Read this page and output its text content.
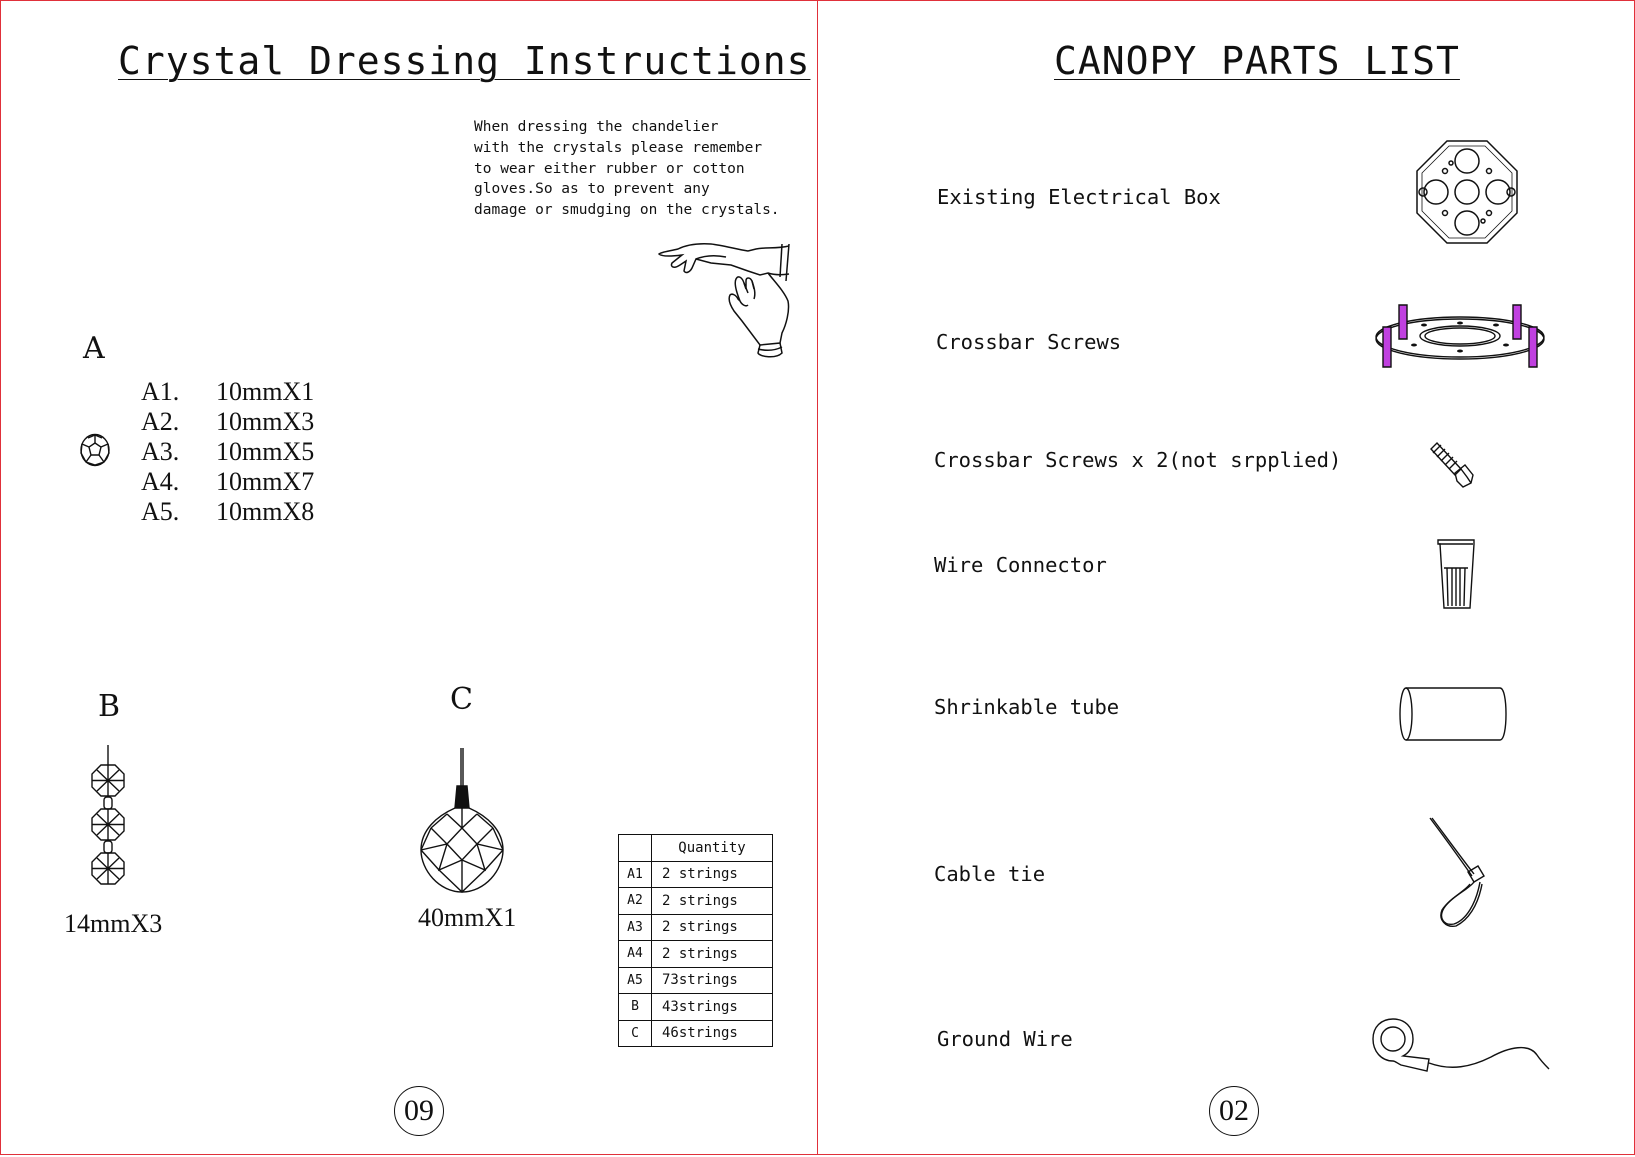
Crystal Dressing Instructions
When dressing the chandelier
with the crystals please remember
to wear either rubber or cotton
gloves.So as to prevent any
damage or smudging on the crystals.
A
A1.	10mmX1
A2.	10mmX3
A3.	10mmX5
A4.	10mmX7
A5.	10mmX8
B
14mmX3
C
40mmX1
	Quantity
A1	2 strings
A2	2 strings
A3	2 strings
A4	2 strings
A5	73strings
B	43strings
C	46strings
09
CANOPY PARTS LIST
Existing Electrical Box
Crossbar Screws
Crossbar Screws x 2(not srpplied)
Wire Connector
Shrinkable tube
Cable tie
Ground Wire
02
